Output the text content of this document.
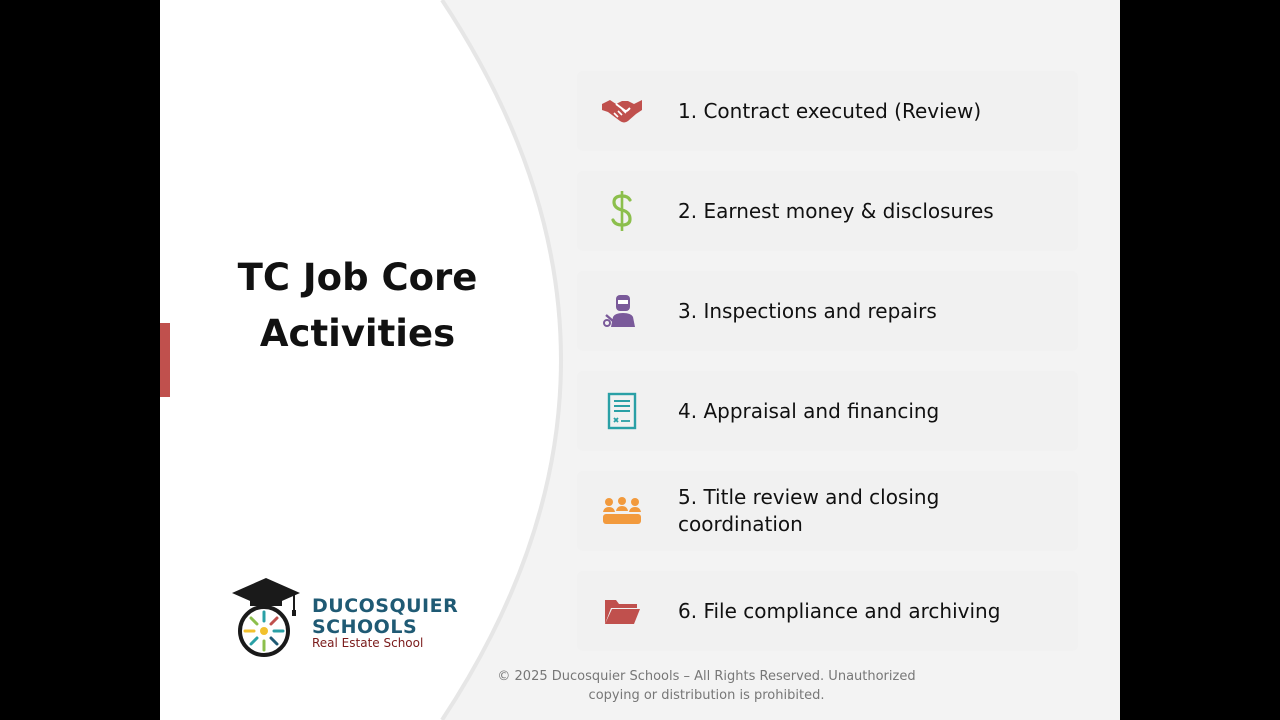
TC Job Core
Activities
1. Contract executed (Review)
2. Earnest money & disclosures
3. Inspections and repairs
4. Appraisal and financing
5. Title review and closing coordination
6. File compliance and archiving
DUCOSQUIER
SCHOOLS
Real Estate School
© 2025 Ducosquier Schools – All Rights Reserved. Unauthorized
copying or distribution is prohibited.
